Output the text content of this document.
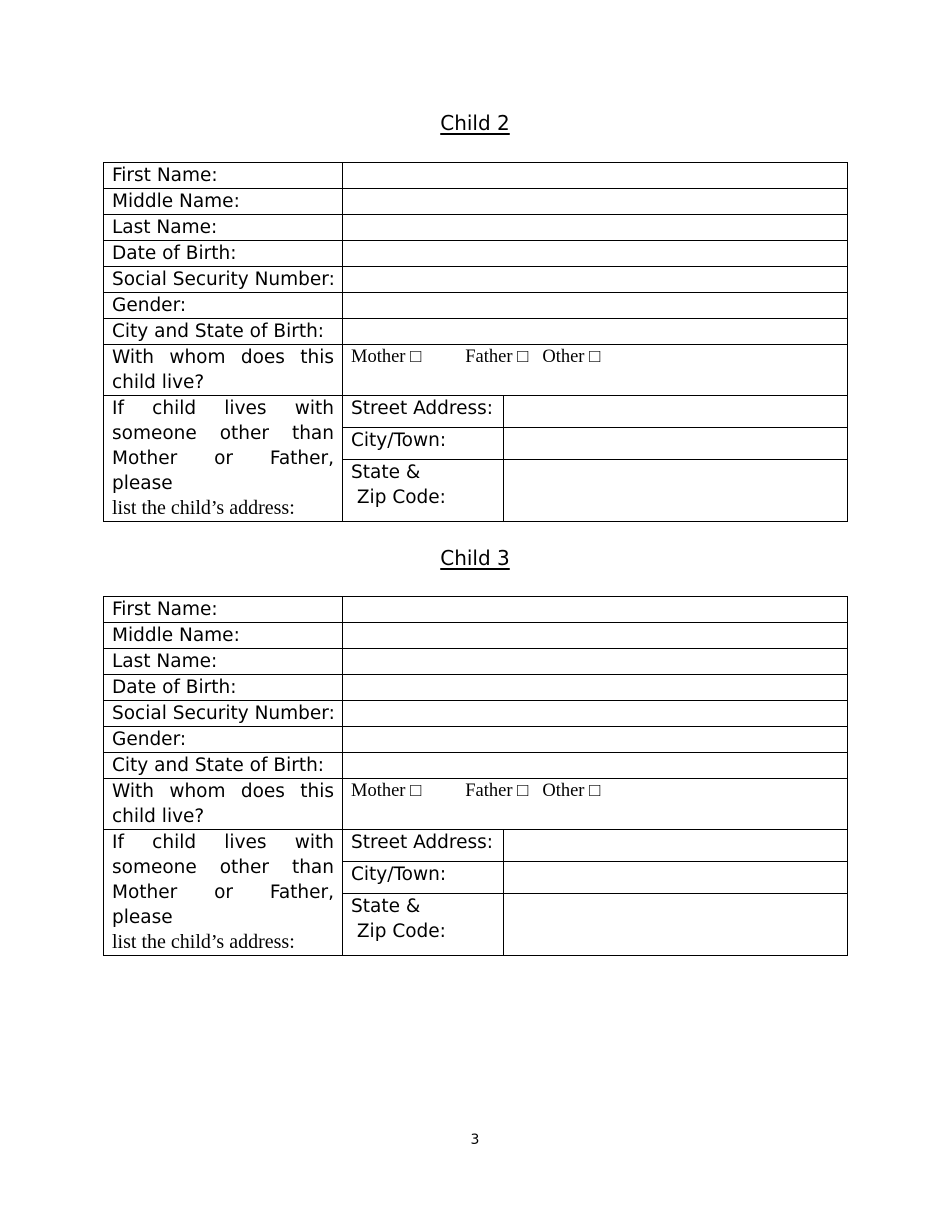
Child 2
First Name:		
Middle Name:		
Last Name:		
Date of Birth:		
Social Security Number:		
Gender:		
City and State of Birth:		

With whom does this
child live?	Mother □ Father □ Other □	

If child lives with
someone other than
Mother or Father, please
list the child’s address:	Street Address:	
	City/Town:	

	State &
Zip Code:	

Child 3
First Name:		
Middle Name:		
Last Name:		
Date of Birth:		
Social Security Number:		
Gender:		
City and State of Birth:		

With whom does this
child live?	Mother □ Father □ Other □	

If child lives with
someone other than
Mother or Father, please
list the child’s address:	Street Address:	
	City/Town:	

	State &
Zip Code:	

3
